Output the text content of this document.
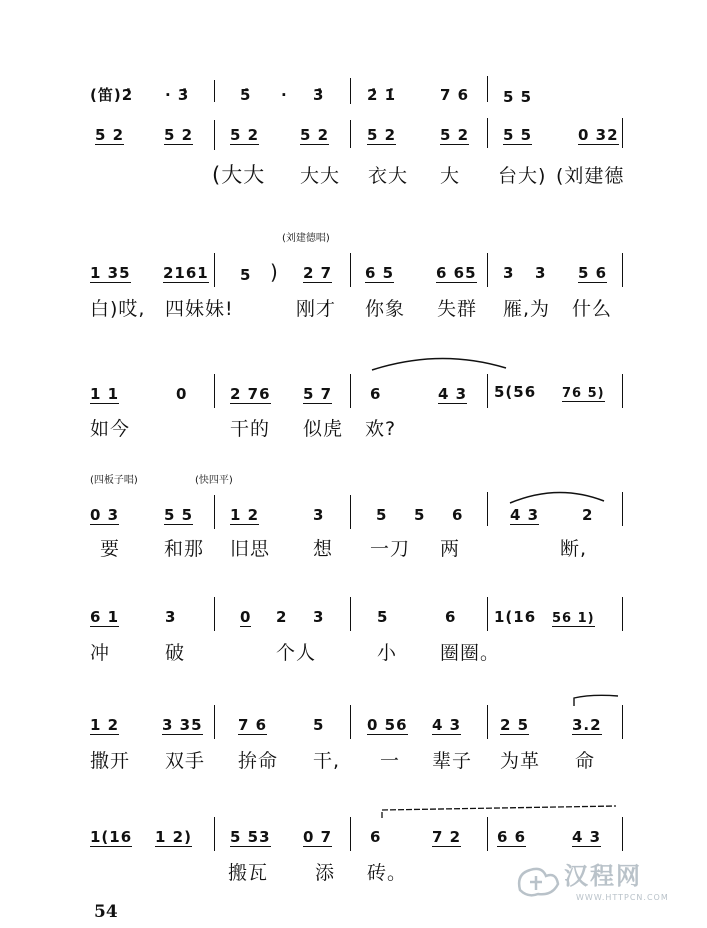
(笛)2̇ · 3̇	5̇ · 3̇	2̇ 1̇	7 6 5 5
5 2	5 2 5 2	5 2	5 2	5 2 5 5	0 32
(大大 大大 衣大 大 台大) (刘建德
(刘建德唱)
1 35 2161 5 ) 2 7 6 5	6 65 3 3 5 6
白)哎, 四妹妹!	刚才 你象 失群 雁,为 什么
1 1	0	2 76 5 7	6	4 3 5(56 76 5)
如今	干的 似虎 欢?
(四板子唱)	(快四平)
0 3	5 5 1 2	3	5 5 6	4 3	2
要 和那 旧思 想 一刀 两	断,
6 1	3	0 2 3	5	6	1(16 56 1)
冲	破	个人	小 圈圈。
1 2	3 35 7 6	5	0 56 4 3	2 5	3.2
撒开 双手 拚命 干, 一 辈子 为革 命
1(16 1 2)	5 53 0 7	6	7 2 6 6	4 3
搬瓦 添 砖。
54
汉程网
WWW.HTTPCN.COM
